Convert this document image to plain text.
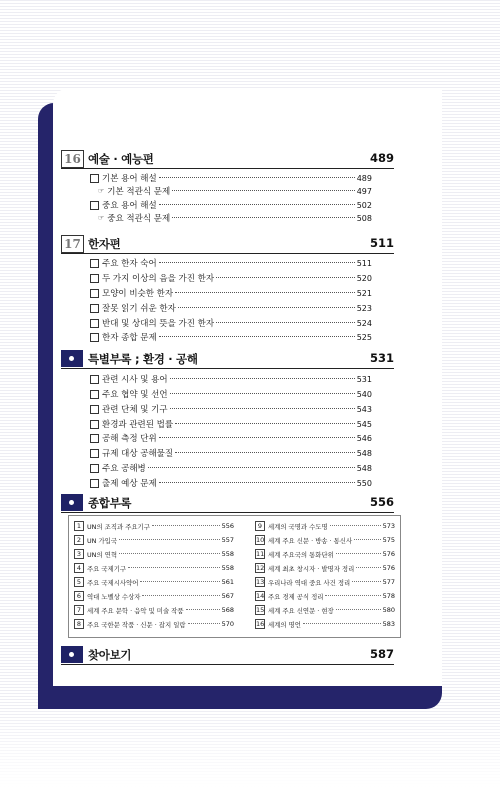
16 예술 · 예능편	489
기본 용어 해설	489
☞ 기본 적관식 문제	497
중요 용어 해설	502
☞ 중요 적관식 문제	508
17 한자편	511
주요 한자 숙어	511
두 가지 이상의 음을 가진 한자	520
모양이 비슷한 한자	521
잘못 읽기 쉬운 한자	523
반대 및 상대의 뜻을 가진 한자	524
한자 종합 문제	525
특별부록 ; 환경 · 공해	531
관련 시사 및 용어	531
주요 협약 및 선언	540
관련 단체 및 기구	543
환경과 관련된 법률	545
공해 측정 단위	546
규제 대상 공해물질	548
주요 공해병	548
출제 예상 문제	550
종합부록	556
1 UN의 조직과 주요기구	556
2 UN 가입국	557
3 UN의 연혁	558
4 주요 국제기구	558
5 주요 국제시사약어	561
6 역대 노벨상 수상자	567
7 세계 주요 문학 · 음악 및 미술 작품	568
8 주요 국한문 작품 · 신문 · 잡지 일람	570
9 세계의 국명과 수도명	573
10 세계 주요 신문 · 방송 · 통신사	575
11 세계 주요국의 통화단위	576
12 세계 최초 창시자 · 발명자 정리	576
13 우리나라 역대 중요 사건 정리	577
14 주요 경제 공식 정리	578
15 세계 주요 신연문 · 현장	580
16 세계의 명언	583
찾아보기	587
